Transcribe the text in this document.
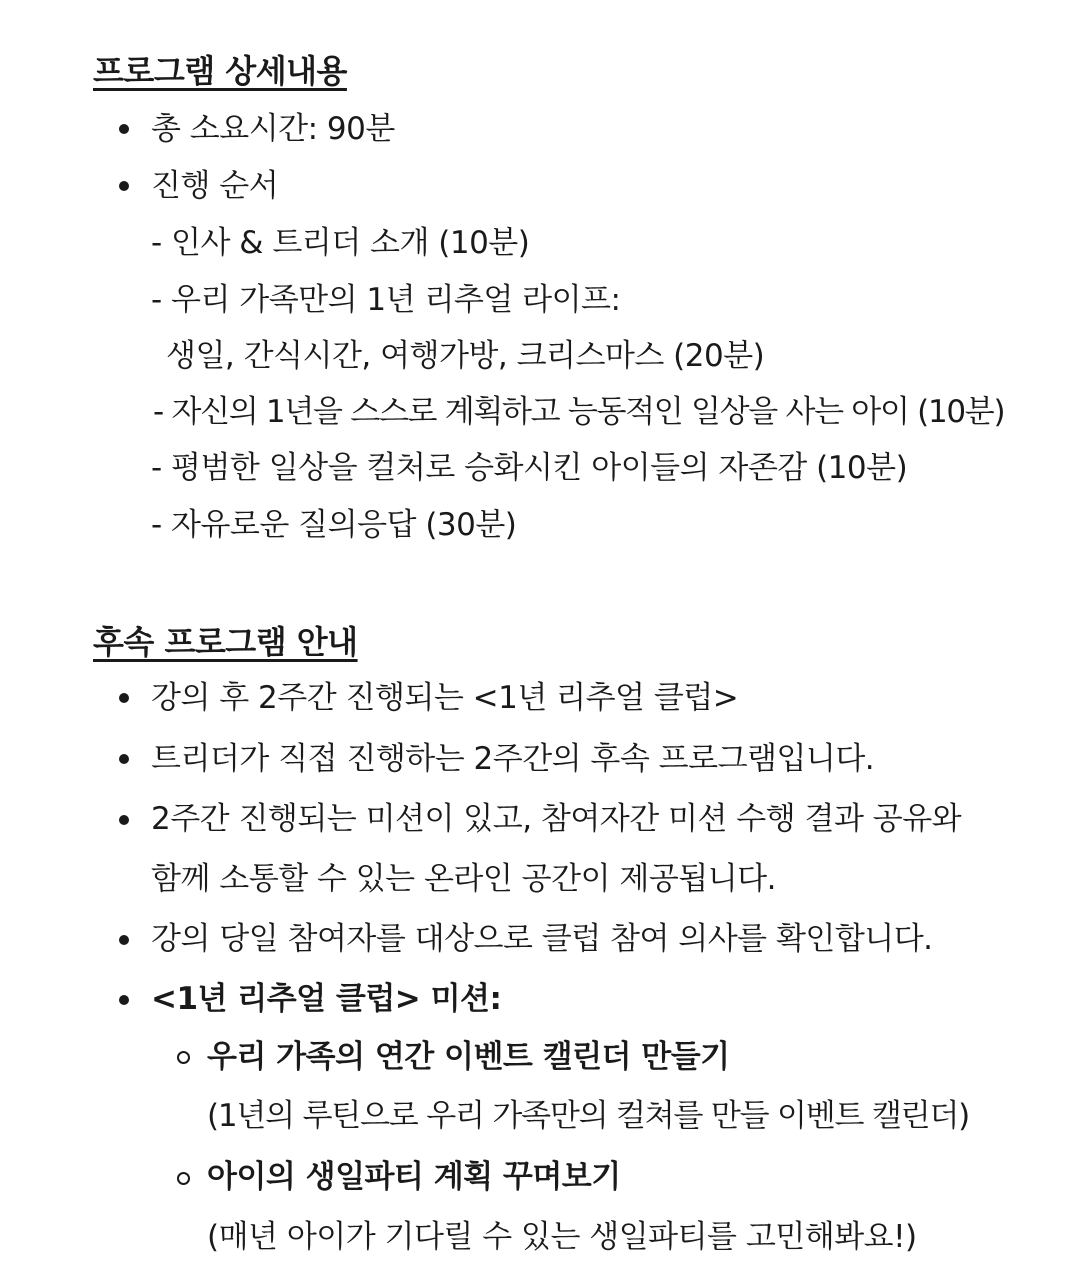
프로그램 상세내용
총 소요시간: 90분
진행 순서
- 인사 & 트리더 소개 (10분)
- 우리 가족만의 1년 리추얼 라이프:
생일, 간식시간, 여행가방, 크리스마스 (20분)
- 자신의 1년을 스스로 계획하고 능동적인 일상을 사는 아이 (10분)
- 평범한 일상을 컬처로 승화시킨 아이들의 자존감 (10분)
- 자유로운 질의응답 (30분)
후속 프로그램 안내
강의 후 2주간 진행되는 <1년 리추얼 클럽>
트리더가 직접 진행하는 2주간의 후속 프로그램입니다.
2주간 진행되는 미션이 있고, 참여자간 미션 수행 결과 공유와
함께 소통할 수 있는 온라인 공간이 제공됩니다.
강의 당일 참여자를 대상으로 클럽 참여 의사를 확인합니다.
<1년 리추얼 클럽> 미션:
우리 가족의 연간 이벤트 캘린더 만들기
(1년의 루틴으로 우리 가족만의 컬쳐를 만들 이벤트 캘린더)
아이의 생일파티 계획 꾸며보기
(매년 아이가 기다릴 수 있는 생일파티를 고민해봐요!)
